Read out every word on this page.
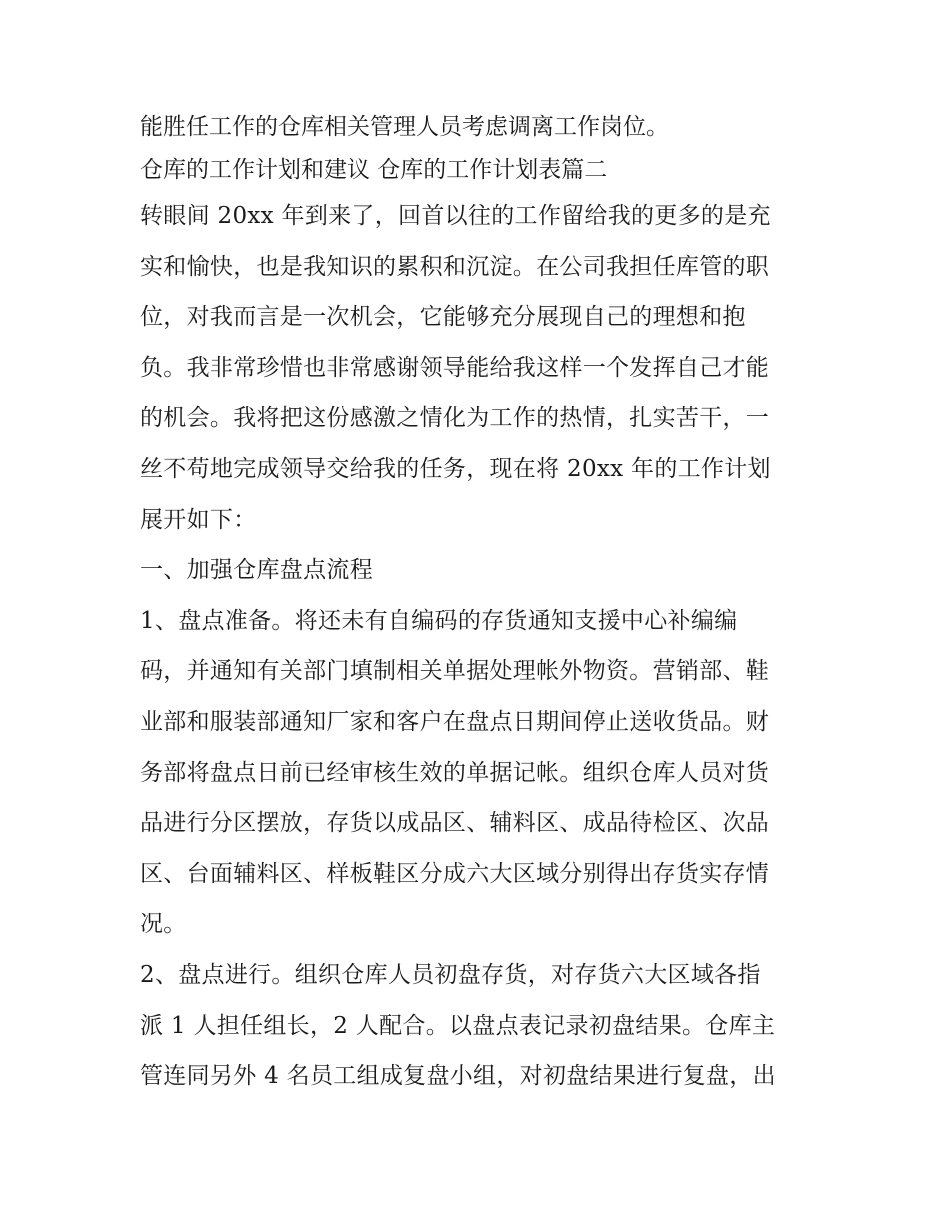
能胜任工作的仓库相关管理人员考虑调离工作岗位。
仓库的工作计划和建议 仓库的工作计划表篇二
转眼间 20xx 年到来了，回首以往的工作留给我的更多的是充
实和愉快，也是我知识的累积和沉淀。在公司我担任库管的职
位，对我而言是一次机会，它能够充分展现自己的理想和抱
负。我非常珍惜也非常感谢领导能给我这样一个发挥自己才能
的机会。我将把这份感激之情化为工作的热情，扎实苦干，一
丝不苟地完成领导交给我的任务，现在将 20xx 年的工作计划
展开如下：
一、加强仓库盘点流程
1、盘点准备。将还未有自编码的存货通知支援中心补编编
码，并通知有关部门填制相关单据处理帐外物资。营销部、鞋
业部和服装部通知厂家和客户在盘点日期间停止送收货品。财
务部将盘点日前已经审核生效的单据记帐。组织仓库人员对货
品进行分区摆放，存货以成品区、辅料区、成品待检区、次品
区、台面辅料区、样板鞋区分成六大区域分别得出存货实存情
况。
2、盘点进行。组织仓库人员初盘存货，对存货六大区域各指
派 1 人担任组长，2 人配合。以盘点表记录初盘结果。仓库主
管连同另外 4 名员工组成复盘小组，对初盘结果进行复盘，出
